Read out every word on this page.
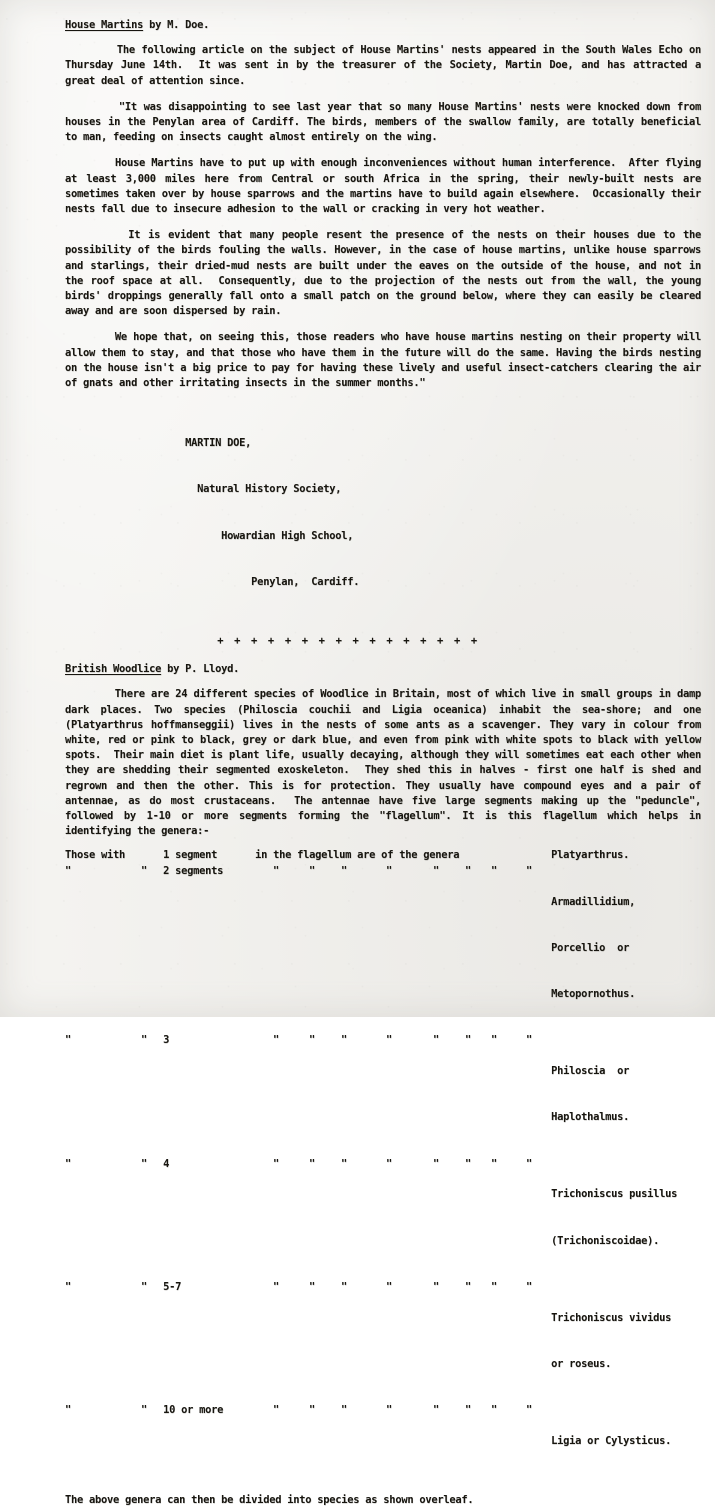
House Martins by M. Doe.

The following article on the subject of House Martins' nests appeared in the South Wales Echo on Thursday June 14th.  It was sent in by the treasurer of the Society, Martin Doe, and has attracted a great deal of attention since.

"It was disappointing to see last year that so many House Martins' nests were knocked down from houses in the Penylan area of Cardiff. The birds, members of the swallow family, are totally beneficial to man, feeding on insects caught almost entirely on the wing.

House Martins have to put up with enough inconveniences without human interference.  After flying at least 3,000 miles here from Central or south Africa in the spring, their newly-built nests are sometimes taken over by house sparrows and the martins have to build again elsewhere.  Occasionally their nests fall due to insecure adhesion to the wall or cracking in very hot weather.

It is evident that many people resent the presence of the nests on their houses due to the possibility of the birds fouling the walls. However, in the case of house martins, unlike house sparrows and starlings, their dried-mud nests are built under the eaves on the outside of the house, and not in the roof space at all.  Consequently, due to the projection of the nests out from the wall, the young birds' droppings generally fall onto a small patch on the ground below, where they can easily be cleared away and are soon dispersed by rain.

We hope that, on seeing this, those readers who have house martins nesting on their property will allow them to stay, and that those who have them in the future will do the same. Having the birds nesting on the house isn't a big price to pay for having these lively and useful insect-catchers clearing the air of gnats and other irritating insects in the summer months."

MARTIN DOE,

Natural History Society,

Howardian High School,

Penylan,  Cardiff.

+ + + + + + + + + + + + + + + +
British Woodlice by P. Lloyd.

There are 24 different species of Woodlice in Britain, most of which live in small groups in damp dark places. Two species (Philoscia couchii and Ligia oceanica) inhabit the sea-shore; and one (Platyarthrus hoffmanseggii) lives in the nests of some ants as a scavenger. They vary in colour from white, red or pink to black, grey or dark blue, and even from pink with white spots to black with yellow spots.  Their main diet is plant life, usually decaying, although they will sometimes eat each other when they are shedding their segmented exoskeleton.  They shed this in halves - first one half is shed and regrown and then the other. This is for protection. They usually have compound eyes and a pair of antennae, as do most crustaceans.  The antennae have five large segments making up the "peduncle", followed by 1-10 or more segments forming the "flagellum". It is this flagellum which helps in identifying the genera:-

Those with		1 segment	in the flagellum are of the genera								Platyarthrus.
"	"	2 segments	"	"	"	"	"	"	"	"	Armadillidium,

Porcellio  or

Metopornothus.

"	"	3	"	"	"	"	"	"	"	"	Philoscia  or

Haplothalmus.

"	"	4	"	"	"	"	"	"	"	"	Trichoniscus pusillus

(Trichoniscoidae).

"	"	5-7	"	"	"	"	"	"	"	"	Trichoniscus vividus

or roseus.

"	"	10 or more	"	"	"	"	"	"	"	"	Ligia or Cylysticus.

The above genera can then be divided into species as shown overleaf.
